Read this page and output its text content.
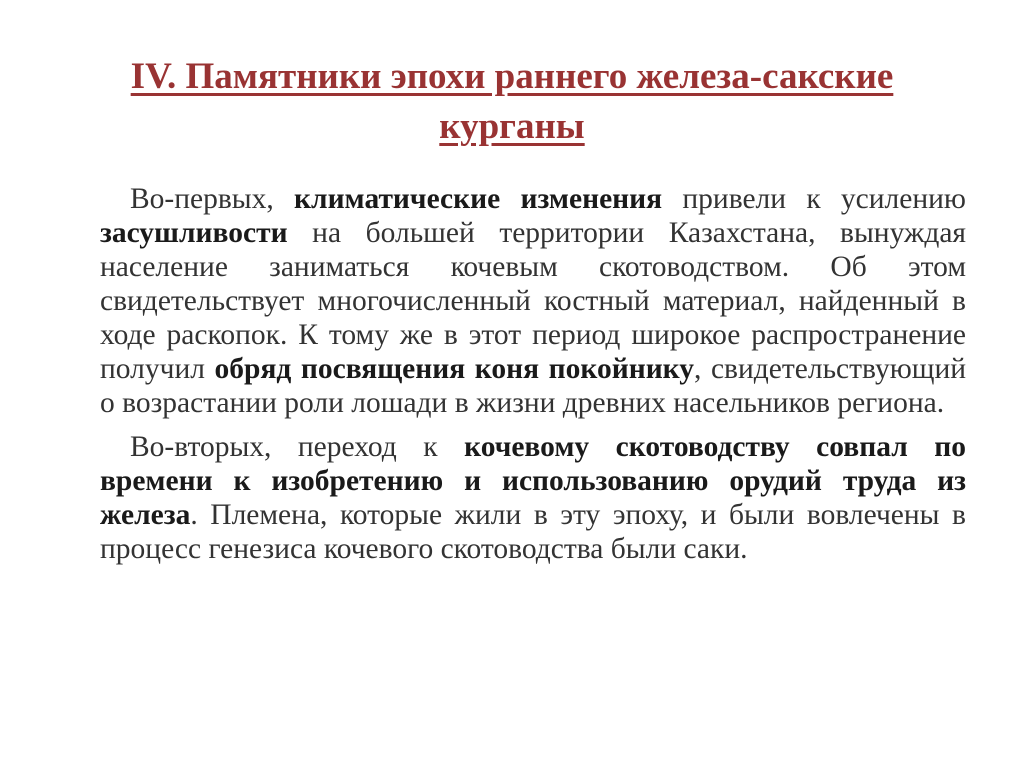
IV. Памятники эпохи раннего железа-сакские курганы

Во-первых, климатические изменения привели к усилению засушливости на большей территории Казахстана, вынуждая население заниматься кочевым скотоводством. Об этом свидетельствует многочисленный костный материал, найденный в ходе раскопок. К тому же в этот период широкое распространение получил обряд посвящения коня покойнику, свидетельствующий о возрастании роли лошади в жизни древних насельников региона.

Во-вторых, переход к кочевому скотоводству совпал по времени к изобретению и использованию орудий труда из железа. Племена, которые жили в эту эпоху, и были вовлечены в процесс генезиса кочевого скотоводства были саки.
